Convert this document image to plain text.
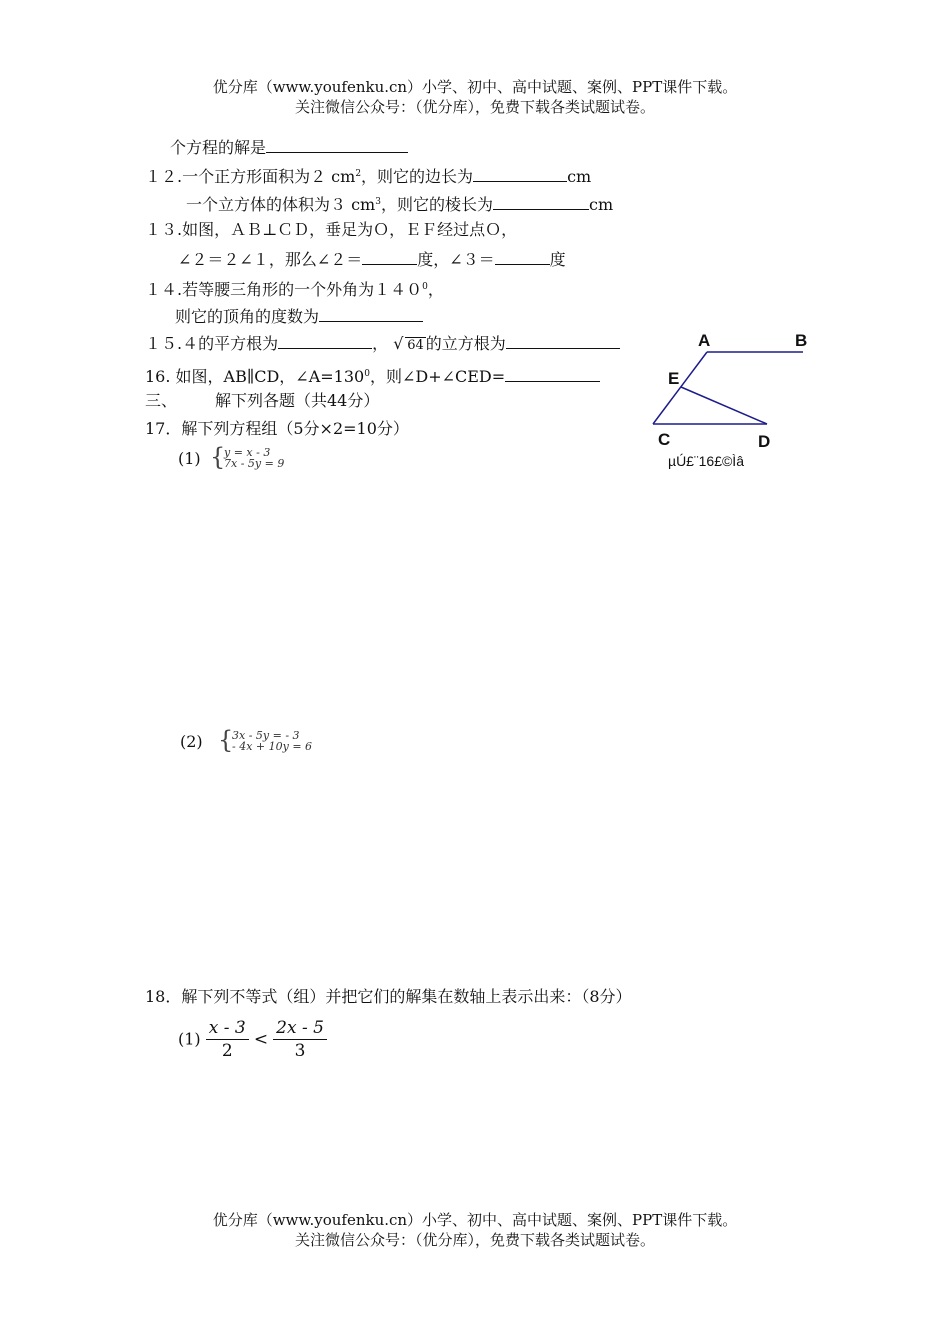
优分库（www.youfenku.cn）小学、初中、高中试题、案例、PPT课件下载。
关注微信公众号：（优分库），免费下载各类试题试卷。
个方程的解是
１２.一个正方形面积为２ $cm^2$，则它的边长为	cm
一个立方体的体积为３ $cm^3$，则它的棱长为	cm
１３.如图，ＡＢ⊥ＣＤ，垂足为Ｏ，ＥＦ经过点Ｏ，
∠２＝２∠１，那么∠２＝	度，∠３＝	度
１４.若等腰三角形的一个外角为$140^0$，
则它的顶角的度数为
１５.４的平方根为	， √ 64 的立方根为
16. 如图，AB∥CD，$\angle A=130^0$，则∠D+∠CED=
三、 解下列各题（共44分）
17．解下列方程组（5分×2=10分）
(1) {
y = x - 3
7x - 5y = 9
(2) {
3x - 5y = - 3
- 4x + 10y = 6
18．解下列不等式（组）并把它们的解集在数轴上表示出来：（8分）
$(1) \frac{x - 3}{2} < \frac{2x - 5}{3}$
A	B
E
C	D
µÚ£¨16£©Ìâ
优分库（www.youfenku.cn）小学、初中、高中试题、案例、PPT课件下载。
关注微信公众号：（优分库），免费下载各类试题试卷。
